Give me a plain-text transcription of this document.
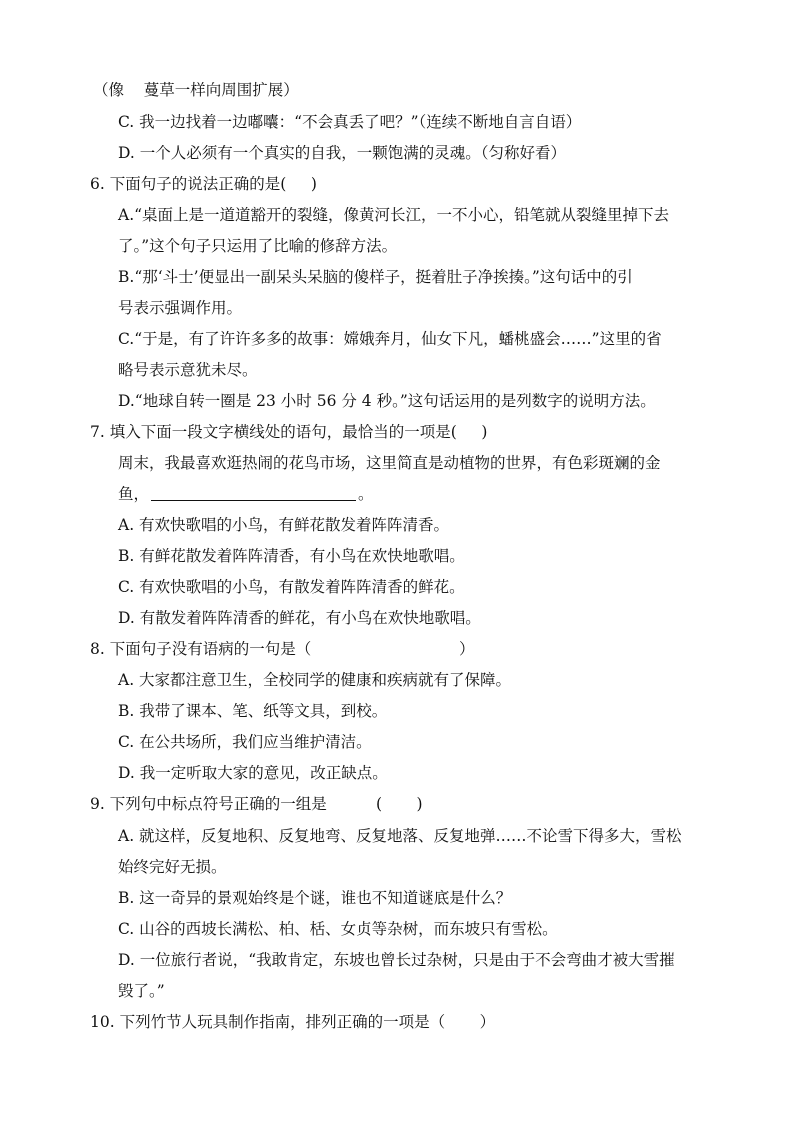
（像    蔓草一样向周围扩展）
C. 我一边找着一边嘟囔：“不会真丢了吧？”（连续不断地自言自语）
D. 一个人必须有一个真实的自我，一颗饱满的灵魂。（匀称好看）
6. 下面句子的说法正确的是(     )
A.“桌面上是一道道豁开的裂缝，像黄河长江，一不小心，铅笔就从裂缝里掉下去
了。”这个句子只运用了比喻的修辞方法。
B.“那‘斗士’便显出一副呆头呆脑的傻样子，挺着肚子净挨揍。”这句话中的引
号表示强调作用。
C.“于是，有了许许多多的故事：嫦娥奔月，仙女下凡，蟠桃盛会……”这里的省
略号表示意犹未尽。
D.“地球自转一圈是 23 小时 56 分 4 秒。”这句话运用的是列数字的说明方法。
7. 填入下面一段文字横线处的语句，最恰当的一项是(     )
周末，我最喜欢逛热闹的花鸟市场，这里简直是动植物的世界，有色彩斑斓的金
鱼，	。
A. 有欢快歌唱的小鸟，有鲜花散发着阵阵清香。
B. 有鲜花散发着阵阵清香，有小鸟在欢快地歌唱。
C. 有欢快歌唱的小鸟，有散发着阵阵清香的鲜花。
D. 有散发着阵阵清香的鲜花，有小鸟在欢快地歌唱。
8. 下面句子没有语病的一句是（                              ）
A. 大家都注意卫生，全校同学的健康和疾病就有了保障。
B. 我带了课本、笔、纸等文具，到校。
C. 在公共场所，我们应当维护清洁。
D. 我一定听取大家的意见，改正缺点。
9. 下列句中标点符号正确的一组是          (       )
A. 就这样，反复地积、反复地弯、反复地落、反复地弹……不论雪下得多大，雪松
始终完好无损。
B. 这一奇异的景观始终是个谜，谁也不知道谜底是什么？
C. 山谷的西坡长满松、柏、栝、女贞等杂树，而东坡只有雪松。
D. 一位旅行者说，“我敢肯定，东坡也曾长过杂树，只是由于不会弯曲才被大雪摧
毁了。”
10. 下列竹节人玩具制作指南，排列正确的一项是（       ）
